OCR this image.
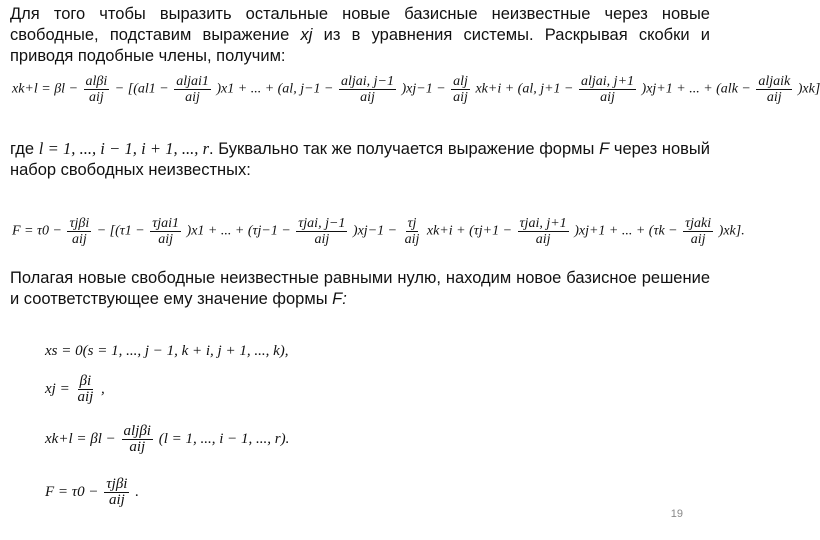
Для того чтобы выразить остальные новые базисные неизвестные через новые свободные, подставим выражение xj из в уравнения системы. Раскрывая скобки и приводя подобные члены, получим:

$xk+l = \beta l - \frac{\text{alβi}}{\text{aij}} - [(al1 - \frac{\text{aljai1}}{\text{aij}} )x1$ + ... + (al, $j-1 - \frac{\text{aljai, j−1}}{\text{aij}} )xj-1 - \frac{\text{alj}}{\text{aij}} xk+i + (al$, $j+1 - \frac{\text{aljai, j+1}}{\text{aij}} )xj+1$ + ... + $(alk - \frac{\text{aljaik}}{\text{aij}} )xk$]

где l = 1, ..., i − 1, i + 1, ..., r. Буквально так же получается выражение формы F через новый набор свободных неизвестных:

$F = \tau 0 - \frac{\text{τjβi}}{\text{aij}} - [(\tau 1 - \frac{\text{τjai1}}{\text{aij}} )x1$ + ... + $(\tau j-1 - \frac{\text{τjai, j−1}}{\text{aij}} )xj-1 - \frac{\tau j}{\text{aij}} xk+i + (\tau j+1 - \frac{\text{τjai, j+1}}{\text{aij}} )xj+1$ + ... + $(\tau k - \frac{\text{τjaki}}{\text{aij}} )xk$].

Полагая новые свободные неизвестные равными нулю, находим новое базисное решение и соответствующее ему значение формы F:

xs = 0(s = 1, ..., j − 1, k + i, j + 1, ..., k),
xj = $\frac{\beta i}{\text{aij}}$ ,
$xk+l = \beta l - \frac{\text{aljβi}}{\text{aij}} (l = 1$, ..., i − 1, ..., r).
$F = \tau 0 - \frac{\text{τjβi}}{\text{aij}}$ .
19
